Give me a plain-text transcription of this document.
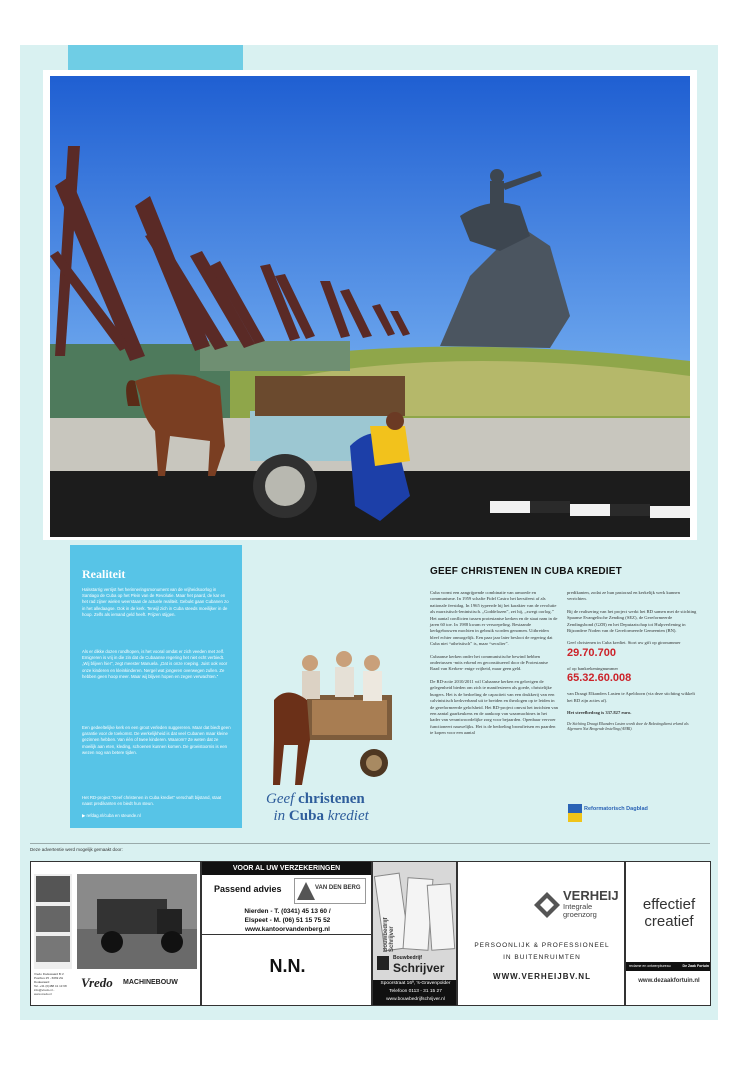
Realiteit

Halsstarrig verrijst het herinneringsmonument van de vrijheidsoorlog in Santiago de Cuba op het Plein van de Revolutie. Maar het paard, de kar en het rad zijner wielen weerstaan de actuele realiteit. Gebukt gaan Cubanen zo in het alledaagse. Ook in de kerk. Terwijl zich in Cuba steeds moeilijker in de hoop. Zelfs als iemand geld heeft. Prijzen stijgen.

Als er dikke dozen rondhopen, is het vooral omdat er zich veeden met zelf. Emigreren is vrij in die zin dat de Cubaanse regering het niet echt verbiedt. „Wij blijven hier”, zegt meester Manuela. „Dat is onze roeping. Juist ook voor onze kinderen en kleinkinderen. Nergel wat jongeren overwegen zullen. Ze hebben geen hoop meer. Maar wij blijven hopen en zegen verwachten.”

Een gedeeltelijke kerk en een groot verleden suggereren. Maar dat biedt geen garantie voor de toekomst. De werkelijkheid is dat veel Cubanen maar kleine gezinnen hebben. Van één of twee kinderen. Waarom? Ze weten dat ze moeilijk aan eten, kleding, schoenen kunnen komen. De groeistoornis is een wezen nog van betere tijden.

Het RD-project “Geef christenen in Cuba krediet” verschaft bijstand, staat naast predikanten en biedt hun steun.

▶ refdag.nl/cuba en steunde.nl

Geef christenen
in Cuba krediet
GEEF CHRISTENEN IN CUBA KREDIET

Cuba vormt een aangrijpende combinatie van armoede en communisme. In 1959 schafte Fidel Castro het kerstfeest af als nationale feestdag. In 1965 typeerde hij het karakter van de revolutie als marxistisch-leninistisch. „Goddelozen”, zei hij, „zwegt oorlog.” Het aantal conflicten tussen protestantse kerken en de staat nam in de jaren 60 toe. In 1988 kwam er versoepeling. Bestaande kerkgebouwen mochten in gebruik worden genomen. Uitbreiden bleef echter onmogelijk. Een paar jaar later besloot de regering dat Cuba niet “atheïstisch” is, maar “seculier”.

Cubaanse kerken onder het communistische bewind hebben ondertussen -mits erkend en geconstitueerd door de Protestantse Raad van Kerken- enige vrijheid, maar geen geld.

De RD-actie 2010/2011 wil Cubaanse kerken en gelovigen de gelegenheid bieden om zich te manifesteren als goede, christelijke burgers. Het is de bedoeling de capaciteit van een drukkerij van een calvinistisch kerkverband uit te breiden en theologen op te leiden in de gereformeerde gelofsheid. Het RD-project omvat het inrichten van een aantal gaarkeukens en de aankoop van waarmachines in het kader van verantwoordelijke zorg voor bejaarden. Openbaar vervoer functioneert nauwelijks. Het is de bedoeling bromfietsen en paarden te kopen voor een aantal

predikanten, zodat ze hun pastoraal en kerkelijk werk kunnen verrichten.

Bij de realisering van het project werkt het RD samen met de stichting Spaanse Evangelische Zending (SEZ), de Gereformeerde Zendingsbond (GZB) en het Deputaatschap tot Hulpverlening in Bijzondere Noden van de Gereformeerde Gemeenten (BN).

Geef christenen in Cuba krediet. Stort uw gift op gironummer

29.70.700

of op bankrekeningnummer

65.32.60.008

van Draagt Elkanders Lasten te Apeldoorn (via deze stichting wikkelt het RD zijn acties af).

Het streefbedrag is 337.827 euro.

De Stichting Draagt Elkanders Lasten wordt door de Belastingdienst erkend als Algemeen Nut Beogende Instelling (ANBI).

Reformatorisch Dagblad
Deze advertentie werd mogelijk gemaakt door:
Vredo Dodewaard B.V.
Postbus 25 - 6669 ZH Dodewaard
Tel. +31 (0)488 41 13 68
info@vredo.nl - www.vredo.nl
Vredo MACHINEBOUW
VOOR AL UW VERZEKERINGEN
Passend advies	VAN DEN BERG
Nierden - T. (0341) 45 13 60 /
Elspeet - M. (06) 51 15 75 52
www.kantoorvandenberg.nl
N.N.
Bouwbedrijf Schrijver
Bouwbedrijf
Schrijver
Spoorstraat 16ª, 's-Gravenpolder
Telefoon 0113 - 31 15 27
www.bouwbedrijfschrijver.nl
VERHEIJ
Integrale
groenzorg
PERSOONLIJK & PROFESSIONEEL
IN BUITENRUIMTEN
WWW.VERHEIJBV.NL
effectief
creatief
reclame en ontwerpbureau	De Zaak Fortuin
www.dezaakfortuin.nl
